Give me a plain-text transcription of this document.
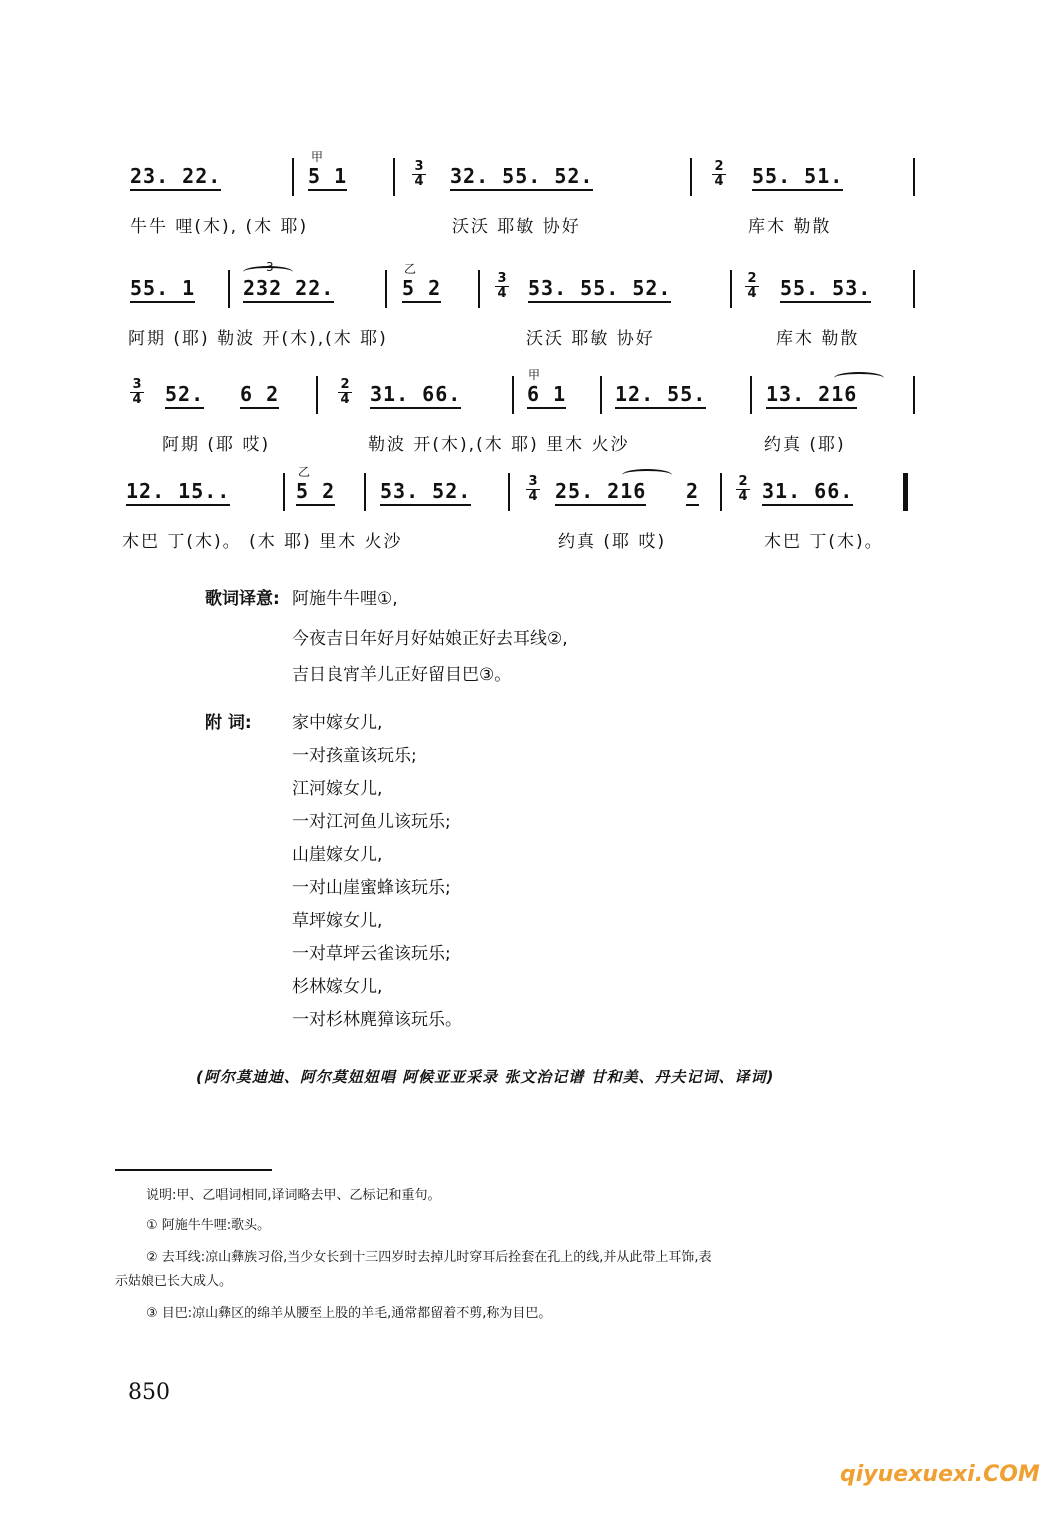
23. 22.	5 1	32. 55. 52.	55. 51.
甲
牛牛 哩(木), (木 耶)	沃沃 耶敏 协好	库木 勒散
$\frac{3}{4}$	$\frac{2}{4}$
55. 1 232 22.	5 2	53. 55. 52.	55. 53.
乙
3
阿期 (耶) 勒波 开(木),(木 耶)	沃沃 耶敏 协好	库木 勒散
$\frac{3}{4}$	$\frac{2}{4}$
52. 6 2	31. 66.	6 1 12. 55.	13. 216
甲
阿期 (耶 哎)	勒波 开(木),(木 耶) 里木 火沙	约真 (耶)
$\frac{3}{4}$	$\frac{2}{4}$
12. 15..	5 2 53. 52.	25. 216 2	31. 66.
乙
木巴 丁(木)。 (木 耶) 里木 火沙	约真 (耶 哎)	木巴 丁(木)。
$\frac{3}{4}$	$\frac{2}{4}$
歌词译意: 阿施牛牛哩①,
今夜吉日年好月好姑娘正好去耳线②,
吉日良宵羊儿正好留目巴③。
附 词: 家中嫁女儿,
一对孩童该玩乐;
江河嫁女儿,
一对江河鱼儿该玩乐;
山崖嫁女儿,
一对山崖蜜蜂该玩乐;
草坪嫁女儿,
一对草坪云雀该玩乐;
杉林嫁女儿,
一对杉林麂獐该玩乐。
(阿尔莫迪迪、阿尔莫妞妞唱 阿候亚亚采录 张文治记谱 甘和美、丹夫记词、译词)
说明:甲、乙唱词相同,译词略去甲、乙标记和重句。
① 阿施牛牛哩:歌头。
② 去耳线:凉山彝族习俗,当少女长到十三四岁时去掉儿时穿耳后拴套在孔上的线,并从此带上耳饰,表
示姑娘已长大成人。
③ 目巴:凉山彝区的绵羊从腰至上股的羊毛,通常都留着不剪,称为目巴。
850
qiyuexuexi.COM
